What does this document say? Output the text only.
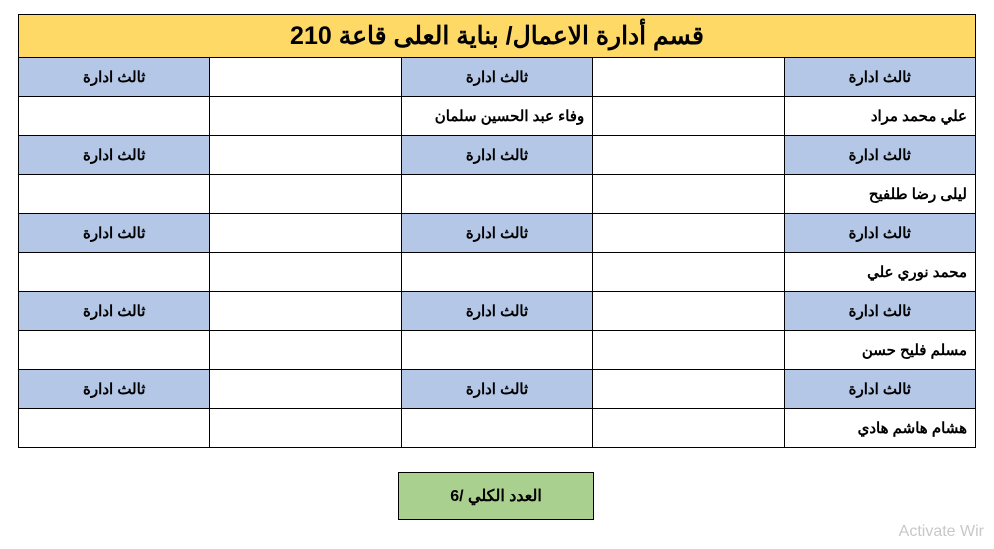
قسم أدارة الاعمال/ بناية العلى قاعة 210				
ثالث ادارة		ثالث ادارة		ثالث ادارة
علي محمد مراد		وفاء عبد الحسين سلمان		
ثالث ادارة		ثالث ادارة		ثالث ادارة
ليلى رضا طلفيح				
ثالث ادارة		ثالث ادارة		ثالث ادارة
محمد نوري علي				
ثالث ادارة		ثالث ادارة		ثالث ادارة
مسلم فليح حسن				
ثالث ادارة		ثالث ادارة		ثالث ادارة
هشام هاشم هادي				
العدد الكلي /6
Activate Wir
